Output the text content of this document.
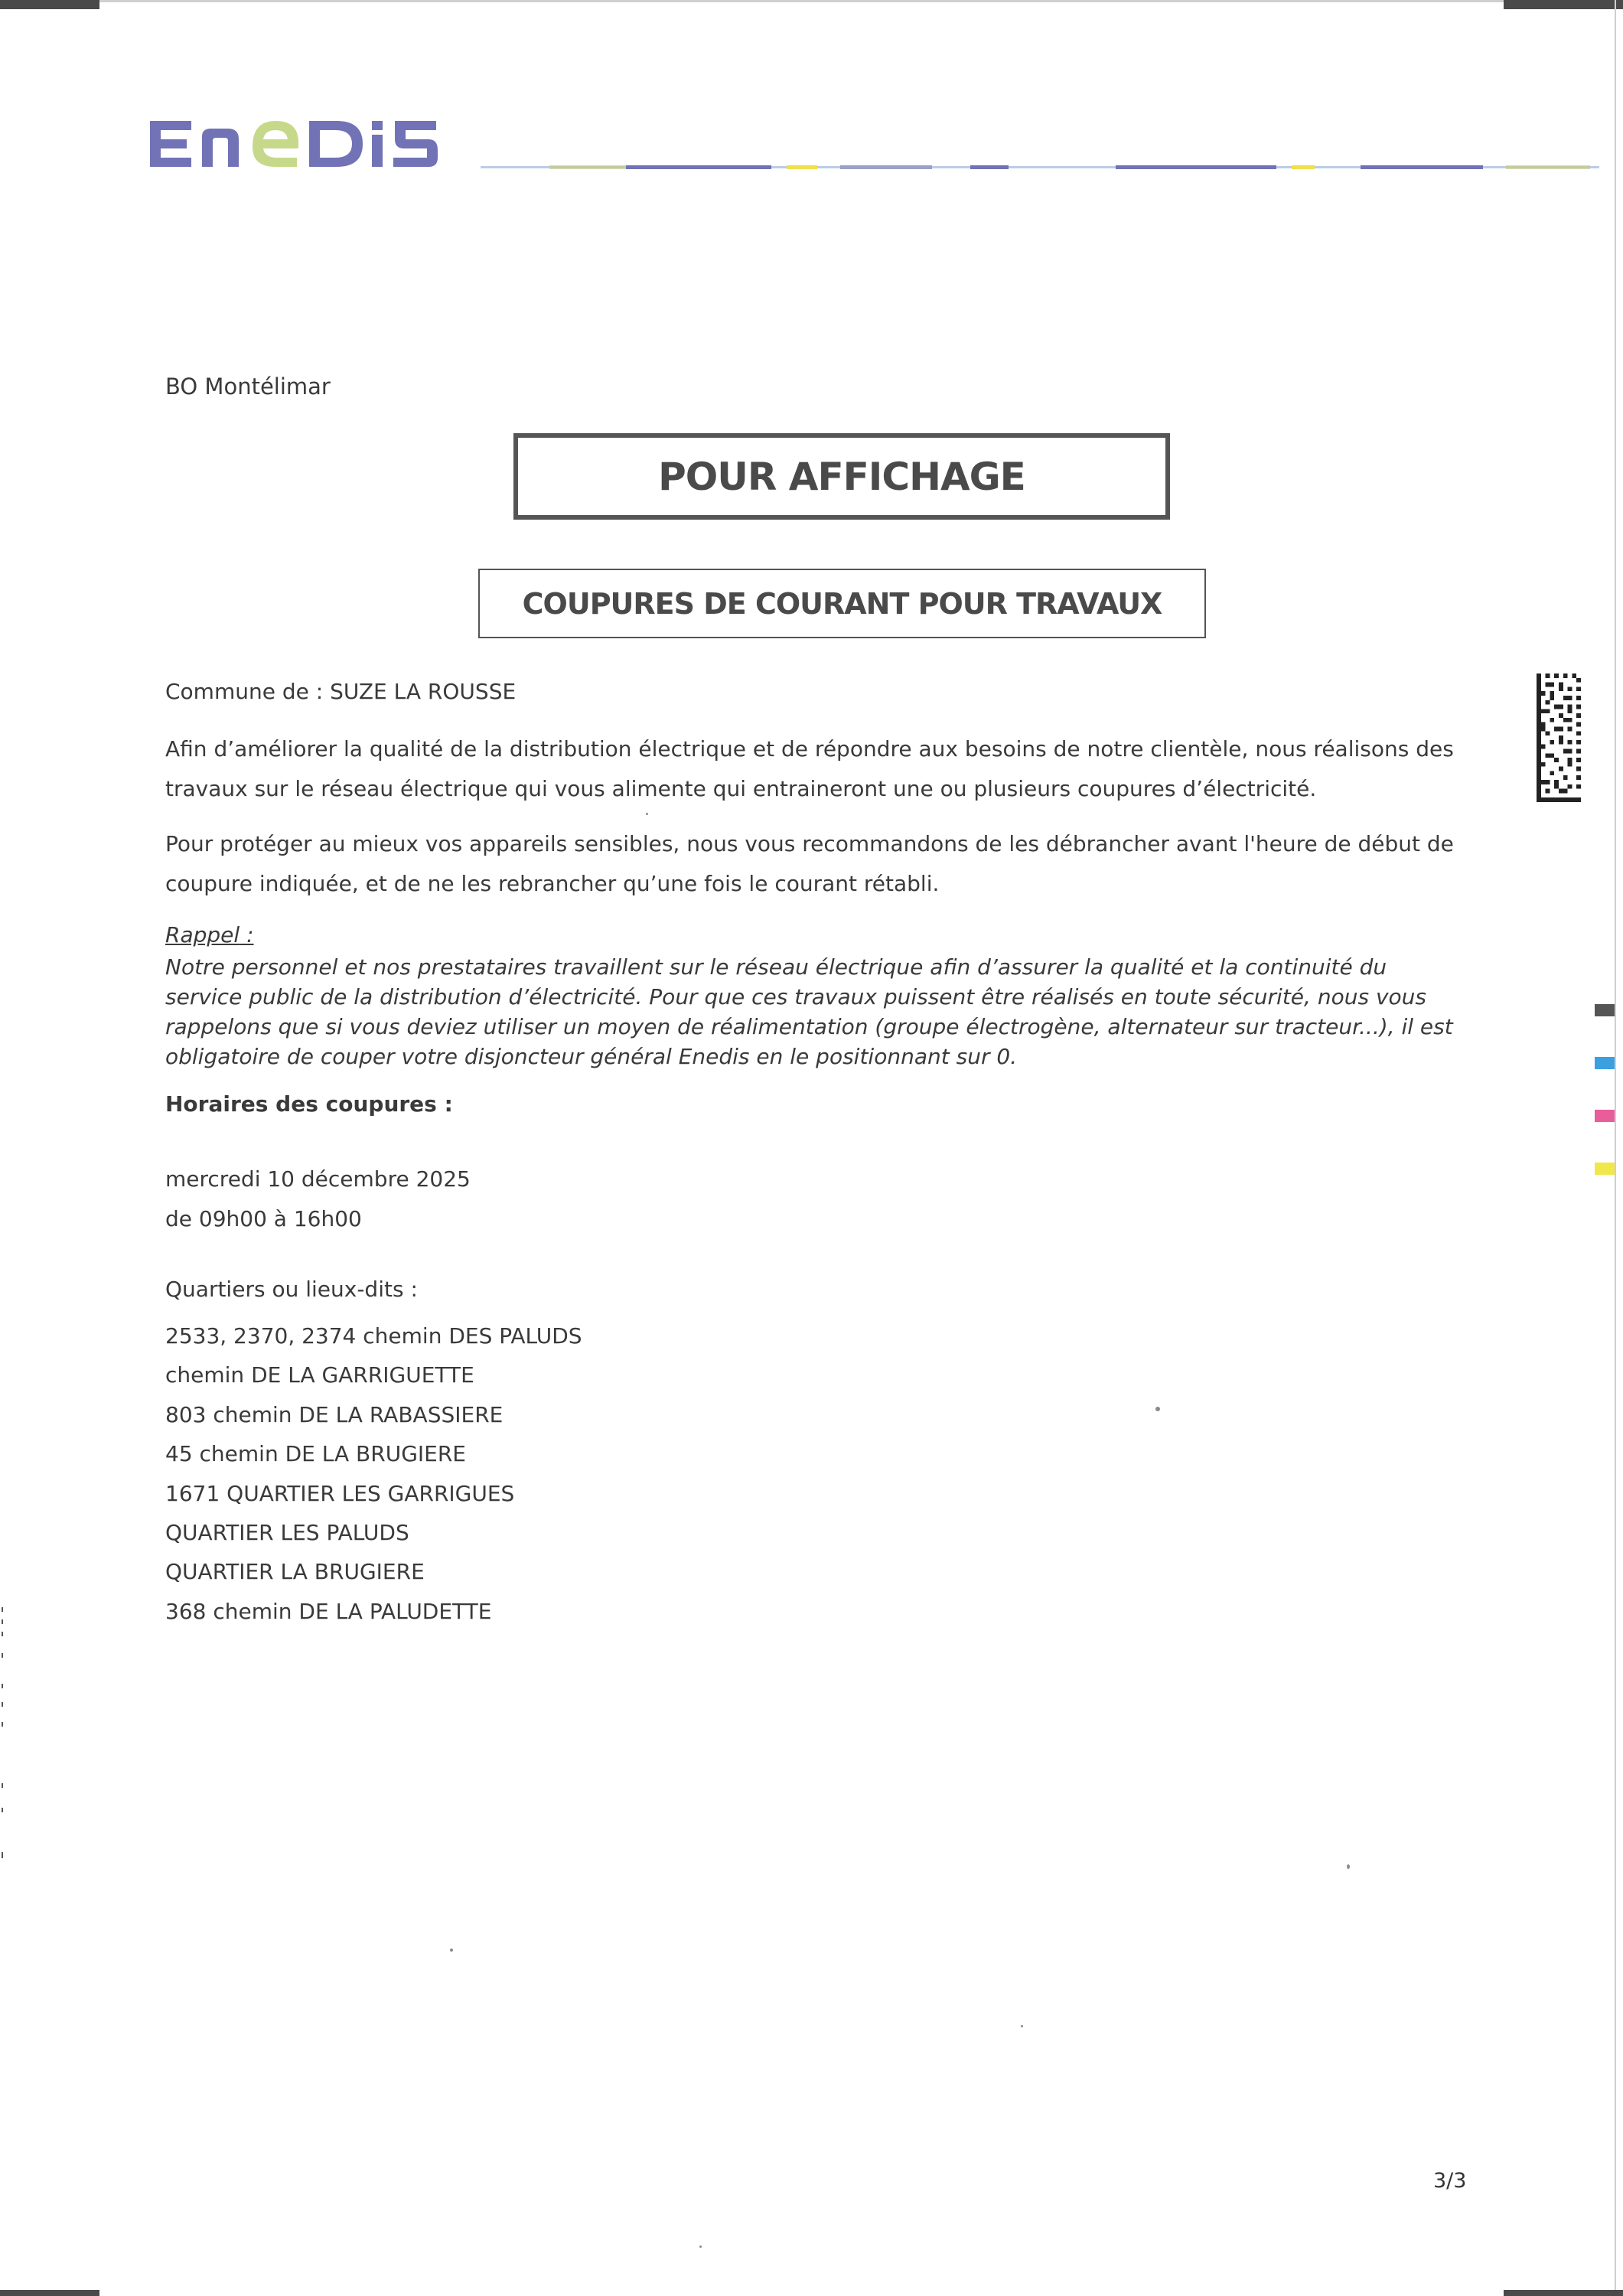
BO Montélimar
POUR AFFICHAGE
COUPURES DE COURANT POUR TRAVAUX
Commune de : SUZE LA ROUSSE
Afin d’améliorer la qualité de la distribution électrique et de répondre aux besoins de notre clientèle, nous réalisons des travaux sur le réseau électrique qui vous alimente qui entraineront une ou plusieurs coupures d’électricité.
Pour protéger au mieux vos appareils sensibles, nous vous recommandons de les débrancher avant l'heure de début de coupure indiquée, et de ne les rebrancher qu’une fois le courant rétabli.
Rappel :
Notre personnel et nos prestataires travaillent sur le réseau électrique afin d’assurer la qualité et la continuité du service public de la distribution d’électricité. Pour que ces travaux puissent être réalisés en toute sécurité, nous vous rappelons que si vous deviez utiliser un moyen de réalimentation (groupe électrogène, alternateur sur tracteur...), il est obligatoire de couper votre disjoncteur général Enedis en le positionnant sur 0.
Horaires des coupures :
mercredi 10 décembre 2025
de 09h00 à 16h00
Quartiers ou lieux-dits :
2533, 2370, 2374 chemin DES PALUDS
chemin DE LA GARRIGUETTE
803 chemin DE LA RABASSIERE
45 chemin DE LA BRUGIERE
1671 QUARTIER LES GARRIGUES
QUARTIER LES PALUDS
QUARTIER LA BRUGIERE
368 chemin DE LA PALUDETTE
3/3
